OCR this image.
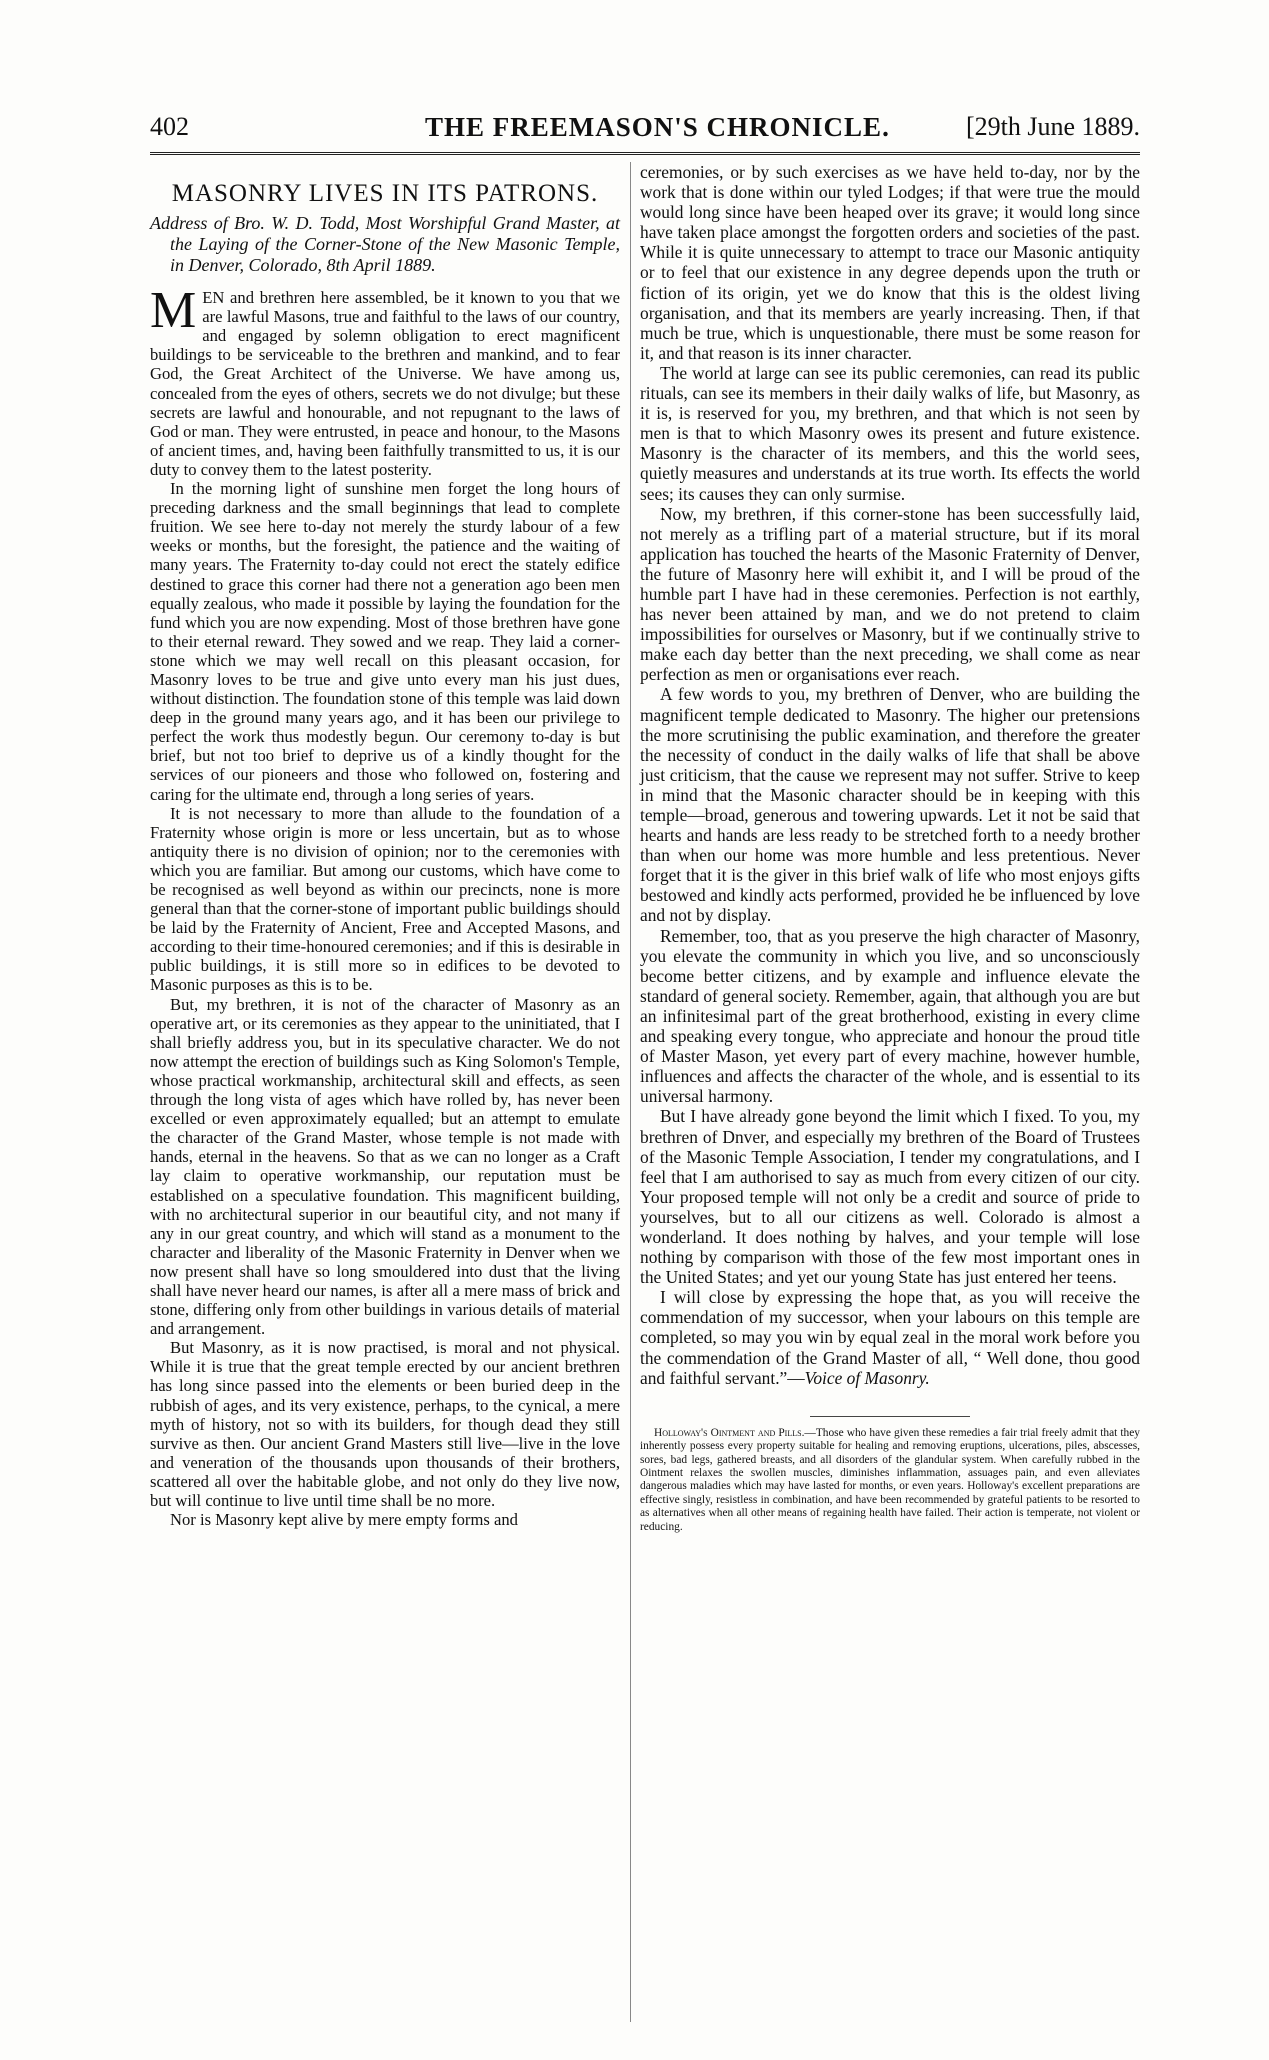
402	THE FREEMASON'S CHRONICLE.	[29th June 1889.
MASONRY LIVES IN ITS PATRONS.
Address of Bro. W. D. Todd, Most Worshipful Grand Master, at the Laying of the Corner-Stone of the New Masonic Temple, in Denver, Colorado, 8th April 1889.

MEN and brethren here assembled, be it known to you that we are lawful Masons, true and faithful to the laws of our country, and engaged by solemn obligation to erect magnificent buildings to be serviceable to the brethren and mankind, and to fear God, the Great Architect of the Universe. We have among us, concealed from the eyes of others, secrets we do not divulge; but these secrets are lawful and honourable, and not repugnant to the laws of God or man. They were entrusted, in peace and honour, to the Masons of ancient times, and, having been faithfully transmitted to us, it is our duty to convey them to the latest posterity.

In the morning light of sunshine men forget the long hours of preceding darkness and the small beginnings that lead to complete fruition. We see here to-day not merely the sturdy labour of a few weeks or months, but the foresight, the patience and the waiting of many years. The Fraternity to-day could not erect the stately edifice destined to grace this corner had there not a generation ago been men equally zealous, who made it possible by laying the foundation for the fund which you are now expending. Most of those brethren have gone to their eternal reward. They sowed and we reap. They laid a corner-stone which we may well recall on this pleasant occasion, for Masonry loves to be true and give unto every man his just dues, without distinction. The foundation stone of this temple was laid down deep in the ground many years ago, and it has been our privilege to perfect the work thus modestly begun. Our ceremony to-day is but brief, but not too brief to deprive us of a kindly thought for the services of our pioneers and those who followed on, fostering and caring for the ultimate end, through a long series of years.

It is not necessary to more than allude to the foundation of a Fraternity whose origin is more or less uncertain, but as to whose antiquity there is no division of opinion; nor to the ceremonies with which you are familiar. But among our customs, which have come to be recognised as well beyond as within our precincts, none is more general than that the corner-stone of important public buildings should be laid by the Fraternity of Ancient, Free and Accepted Masons, and according to their time-honoured ceremonies; and if this is desirable in public buildings, it is still more so in edifices to be devoted to Masonic purposes as this is to be.

But, my brethren, it is not of the character of Masonry as an operative art, or its ceremonies as they appear to the uninitiated, that I shall briefly address you, but in its speculative character. We do not now attempt the erection of buildings such as King Solomon's Temple, whose practical workmanship, architectural skill and effects, as seen through the long vista of ages which have rolled by, has never been excelled or even approximately equalled; but an attempt to emulate the character of the Grand Master, whose temple is not made with hands, eternal in the heavens. So that as we can no longer as a Craft lay claim to operative workmanship, our reputation must be established on a speculative foundation. This magnificent building, with no architectural superior in our beautiful city, and not many if any in our great country, and which will stand as a monument to the character and liberality of the Masonic Fraternity in Denver when we now present shall have so long smouldered into dust that the living shall have never heard our names, is after all a mere mass of brick and stone, differing only from other buildings in various details of material and arrangement.

But Masonry, as it is now practised, is moral and not physical. While it is true that the great temple erected by our ancient brethren has long since passed into the elements or been buried deep in the rubbish of ages, and its very existence, perhaps, to the cynical, a mere myth of history, not so with its builders, for though dead they still survive as then. Our ancient Grand Masters still live—live in the love and veneration of the thousands upon thousands of their brothers, scattered all over the habitable globe, and not only do they live now, but will continue to live until time shall be no more.

Nor is Masonry kept alive by mere empty forms and

ceremonies, or by such exercises as we have held to-day, nor by the work that is done within our tyled Lodges; if that were true the mould would long since have been heaped over its grave; it would long since have taken place amongst the forgotten orders and societies of the past. While it is quite unnecessary to attempt to trace our Masonic antiquity or to feel that our existence in any degree depends upon the truth or fiction of its origin, yet we do know that this is the oldest living organisation, and that its members are yearly increasing. Then, if that much be true, which is unquestionable, there must be some reason for it, and that reason is its inner character.

The world at large can see its public ceremonies, can read its public rituals, can see its members in their daily walks of life, but Masonry, as it is, is reserved for you, my brethren, and that which is not seen by men is that to which Masonry owes its present and future existence. Masonry is the character of its members, and this the world sees, quietly measures and understands at its true worth. Its effects the world sees; its causes they can only surmise.

Now, my brethren, if this corner-stone has been successfully laid, not merely as a trifling part of a material structure, but if its moral application has touched the hearts of the Masonic Fraternity of Denver, the future of Masonry here will exhibit it, and I will be proud of the humble part I have had in these ceremonies. Perfection is not earthly, has never been attained by man, and we do not pretend to claim impossibilities for ourselves or Masonry, but if we continually strive to make each day better than the next preceding, we shall come as near perfection as men or organisations ever reach.

A few words to you, my brethren of Denver, who are building the magnificent temple dedicated to Masonry. The higher our pretensions the more scrutinising the public examination, and therefore the greater the necessity of conduct in the daily walks of life that shall be above just criticism, that the cause we represent may not suffer. Strive to keep in mind that the Masonic character should be in keeping with this temple—broad, generous and towering upwards. Let it not be said that hearts and hands are less ready to be stretched forth to a needy brother than when our home was more humble and less pretentious. Never forget that it is the giver in this brief walk of life who most enjoys gifts bestowed and kindly acts performed, provided he be influenced by love and not by display.

Remember, too, that as you preserve the high character of Masonry, you elevate the community in which you live, and so unconsciously become better citizens, and by example and influence elevate the standard of general society. Remember, again, that although you are but an infinitesimal part of the great brotherhood, existing in every clime and speaking every tongue, who appreciate and honour the proud title of Master Mason, yet every part of every machine, however humble, influences and affects the character of the whole, and is essential to its universal harmony.

But I have already gone beyond the limit which I fixed. To you, my brethren of Dnver, and especially my brethren of the Board of Trustees of the Masonic Temple Association, I tender my congratulations, and I feel that I am authorised to say as much from every citizen of our city. Your proposed temple will not only be a credit and source of pride to yourselves, but to all our citizens as well. Colorado is almost a wonderland. It does nothing by halves, and your temple will lose nothing by comparison with those of the few most important ones in the United States; and yet our young State has just entered her teens.

I will close by expressing the hope that, as you will receive the commendation of my successor, when your labours on this temple are completed, so may you win by equal zeal in the moral work before you the commendation of the Grand Master of all, “ Well done, thou good and faithful servant.”—Voice of Masonry.

Holloway's Ointment and Pills.—Those who have given these remedies a fair trial freely admit that they inherently possess every property suitable for healing and removing eruptions, ulcerations, piles, abscesses, sores, bad legs, gathered breasts, and all disorders of the glandular system. When carefully rubbed in the Ointment relaxes the swollen muscles, diminishes inflammation, assuages pain, and even alleviates dangerous maladies which may have lasted for months, or even years. Holloway's excellent preparations are effective singly, resistless in combination, and have been recommended by grateful patients to be resorted to as alternatives when all other means of regaining health have failed. Their action is temperate, not violent or reducing.
